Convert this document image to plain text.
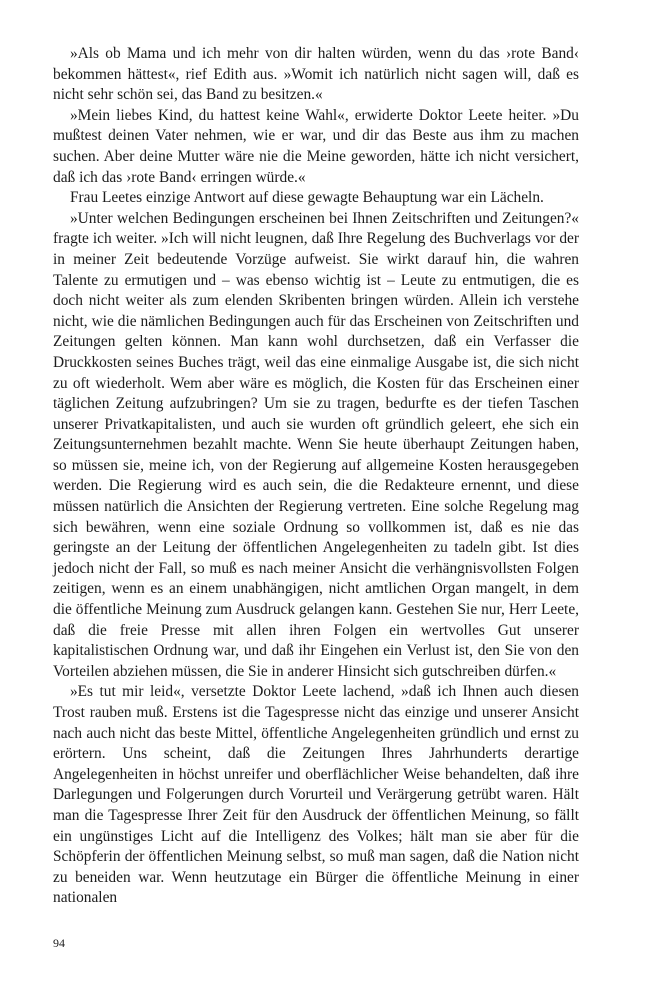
»Als ob Mama und ich mehr von dir halten würden, wenn du das ›rote Band‹ bekommen hättest«, rief Edith aus. »Womit ich natürlich nicht sagen will, daß es nicht sehr schön sei, das Band zu besitzen.«

»Mein liebes Kind, du hattest keine Wahl«, erwiderte Doktor Leete heiter. »Du mußtest deinen Vater nehmen, wie er war, und dir das Beste aus ihm zu machen suchen. Aber deine Mutter wäre nie die Meine geworden, hätte ich nicht versichert, daß ich das ›rote Band‹ erringen würde.«

Frau Leetes einzige Antwort auf diese gewagte Behauptung war ein Lächeln.

»Unter welchen Bedingungen erscheinen bei Ihnen Zeitschriften und Zeitungen?« fragte ich weiter. »Ich will nicht leugnen, daß Ihre Regelung des Buchverlags vor der in meiner Zeit bedeutende Vorzüge aufweist. Sie wirkt darauf hin, die wahren Talente zu ermutigen und – was ebenso wichtig ist – Leute zu entmutigen, die es doch nicht weiter als zum elenden Skribenten bringen würden. Allein ich verstehe nicht, wie die nämlichen Bedingungen auch für das Erscheinen von Zeitschriften und Zeitungen gelten können. Man kann wohl durchsetzen, daß ein Verfasser die Druckkosten seines Buches trägt, weil das eine einmalige Ausgabe ist, die sich nicht zu oft wiederholt. Wem aber wäre es möglich, die Kosten für das Erscheinen einer täglichen Zeitung aufzubringen? Um sie zu tragen, bedurfte es der tiefen Taschen unserer Privatkapitalisten, und auch sie wurden oft gründlich geleert, ehe sich ein Zeitungsunternehmen bezahlt machte. Wenn Sie heute überhaupt Zeitungen haben, so müssen sie, meine ich, von der Regierung auf allgemeine Kosten herausgegeben werden. Die Regierung wird es auch sein, die die Redakteure ernennt, und diese müssen natürlich die Ansichten der Regierung vertreten. Eine solche Regelung mag sich bewähren, wenn eine soziale Ordnung so vollkommen ist, daß es nie das geringste an der Leitung der öffentlichen Angelegenheiten zu tadeln gibt. Ist dies jedoch nicht der Fall, so muß es nach meiner Ansicht die verhängnisvollsten Folgen zeitigen, wenn es an einem unabhängigen, nicht amtlichen Organ mangelt, in dem die öffentliche Meinung zum Ausdruck gelangen kann. Gestehen Sie nur, Herr Leete, daß die freie Presse mit allen ihren Folgen ein wertvolles Gut unserer kapitalistischen Ordnung war, und daß ihr Eingehen ein Verlust ist, den Sie von den Vorteilen abziehen müssen, die Sie in anderer Hinsicht sich gutschreiben dürfen.«

»Es tut mir leid«, versetzte Doktor Leete lachend, »daß ich Ihnen auch diesen Trost rauben muß. Erstens ist die Tagespresse nicht das einzige und unserer Ansicht nach auch nicht das beste Mittel, öffentliche Angelegenheiten gründlich und ernst zu erörtern. Uns scheint, daß die Zeitungen Ihres Jahrhunderts derartige Angelegenheiten in höchst unreifer und oberflächlicher Weise behandelten, daß ihre Darlegungen und Folgerungen durch Vorurteil und Verärgerung getrübt waren. Hält man die Tagespresse Ihrer Zeit für den Ausdruck der öffentlichen Meinung, so fällt ein ungünstiges Licht auf die Intelligenz des Volkes; hält man sie aber für die Schöpferin der öffentlichen Meinung selbst, so muß man sagen, daß die Nation nicht zu beneiden war. Wenn heutzutage ein Bürger die öffentliche Meinung in einer nationalen

94
